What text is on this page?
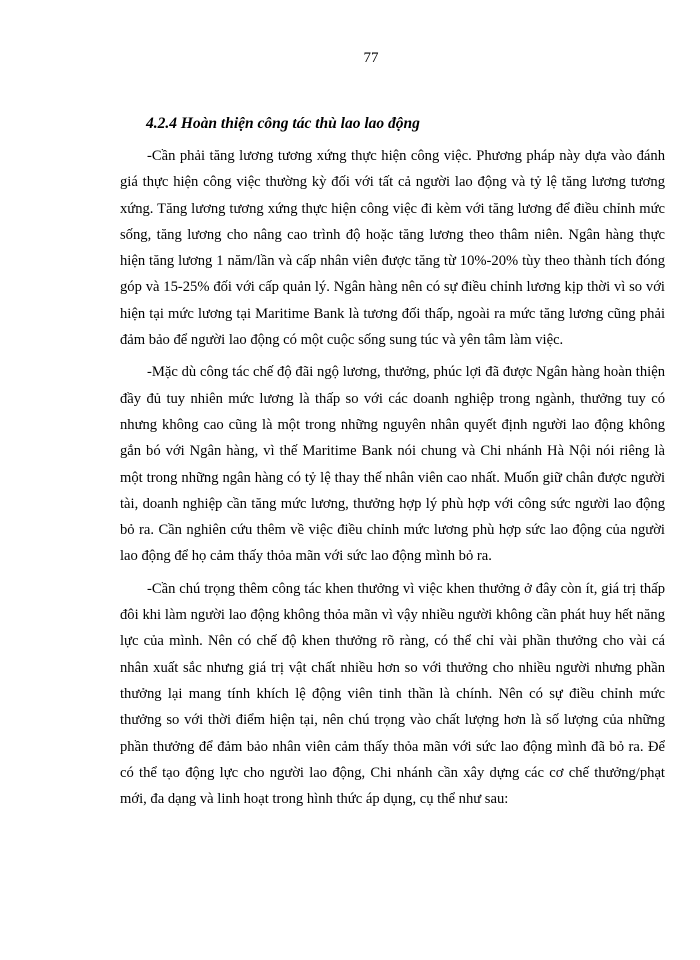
77
4.2.4 Hoàn thiện công tác thù lao lao động

-Cần phải tăng lương tương xứng thực hiện công việc. Phương pháp này dựa vào đánh giá thực hiện công việc thường kỳ đối với tất cả người lao động và tỷ lệ tăng lương tương xứng. Tăng lương tương xứng thực hiện công việc đi kèm với tăng lương để điều chỉnh mức sống, tăng lương cho nâng cao trình độ hoặc tăng lương theo thâm niên. Ngân hàng thực hiện tăng lương 1 năm/lần và cấp nhân viên được tăng từ 10%-20% tùy theo thành tích đóng góp và 15-25% đối với cấp quản lý. Ngân hàng nên có sự điều chỉnh lương kịp thời vì so với hiện tại mức lương tại Maritime Bank là tương đối thấp, ngoài ra mức tăng lương cũng phải đảm bảo để người lao động có một cuộc sống sung túc và yên tâm làm việc.

-Mặc dù công tác chế độ đãi ngộ lương, thưởng, phúc lợi đã được Ngân hàng hoàn thiện đầy đủ tuy nhiên mức lương là thấp so với các doanh nghiệp trong ngành, thưởng tuy có nhưng không cao cũng là một trong những nguyên nhân quyết định người lao động không gắn bó với Ngân hàng, vì thế Maritime Bank nói chung và Chi nhánh Hà Nội nói riêng là một trong những ngân hàng có tỷ lệ thay thế nhân viên cao nhất. Muốn giữ chân được người tài, doanh nghiệp cần tăng mức lương, thưởng hợp lý phù hợp với công sức người lao động bỏ ra. Cần nghiên cứu thêm về việc điều chỉnh mức lương phù hợp sức lao động của người lao động để họ cảm thấy thỏa mãn với sức lao động mình bỏ ra.

-Cần chú trọng thêm công tác khen thưởng vì việc khen thưởng ở đây còn ít, giá trị thấp đôi khi làm người lao động không thỏa mãn vì vậy nhiều người không cần phát huy hết năng lực của mình. Nên có chế độ khen thưởng rõ ràng, có thể chỉ vài phần thưởng cho vài cá nhân xuất sắc nhưng giá trị vật chất nhiều hơn so với thưởng cho nhiều người nhưng phần thưởng lại mang tính khích lệ động viên tinh thần là chính. Nên có sự điều chỉnh mức thưởng so với thời điểm hiện tại, nên chú trọng vào chất lượng hơn là số lượng của những phần thưởng để đảm bảo nhân viên cảm thấy thỏa mãn với sức lao động mình đã bỏ ra. Để có thể tạo động lực cho người lao động, Chi nhánh cần xây dựng các cơ chế thưởng/phạt mới, đa dạng và linh hoạt trong hình thức áp dụng, cụ thể như sau:
